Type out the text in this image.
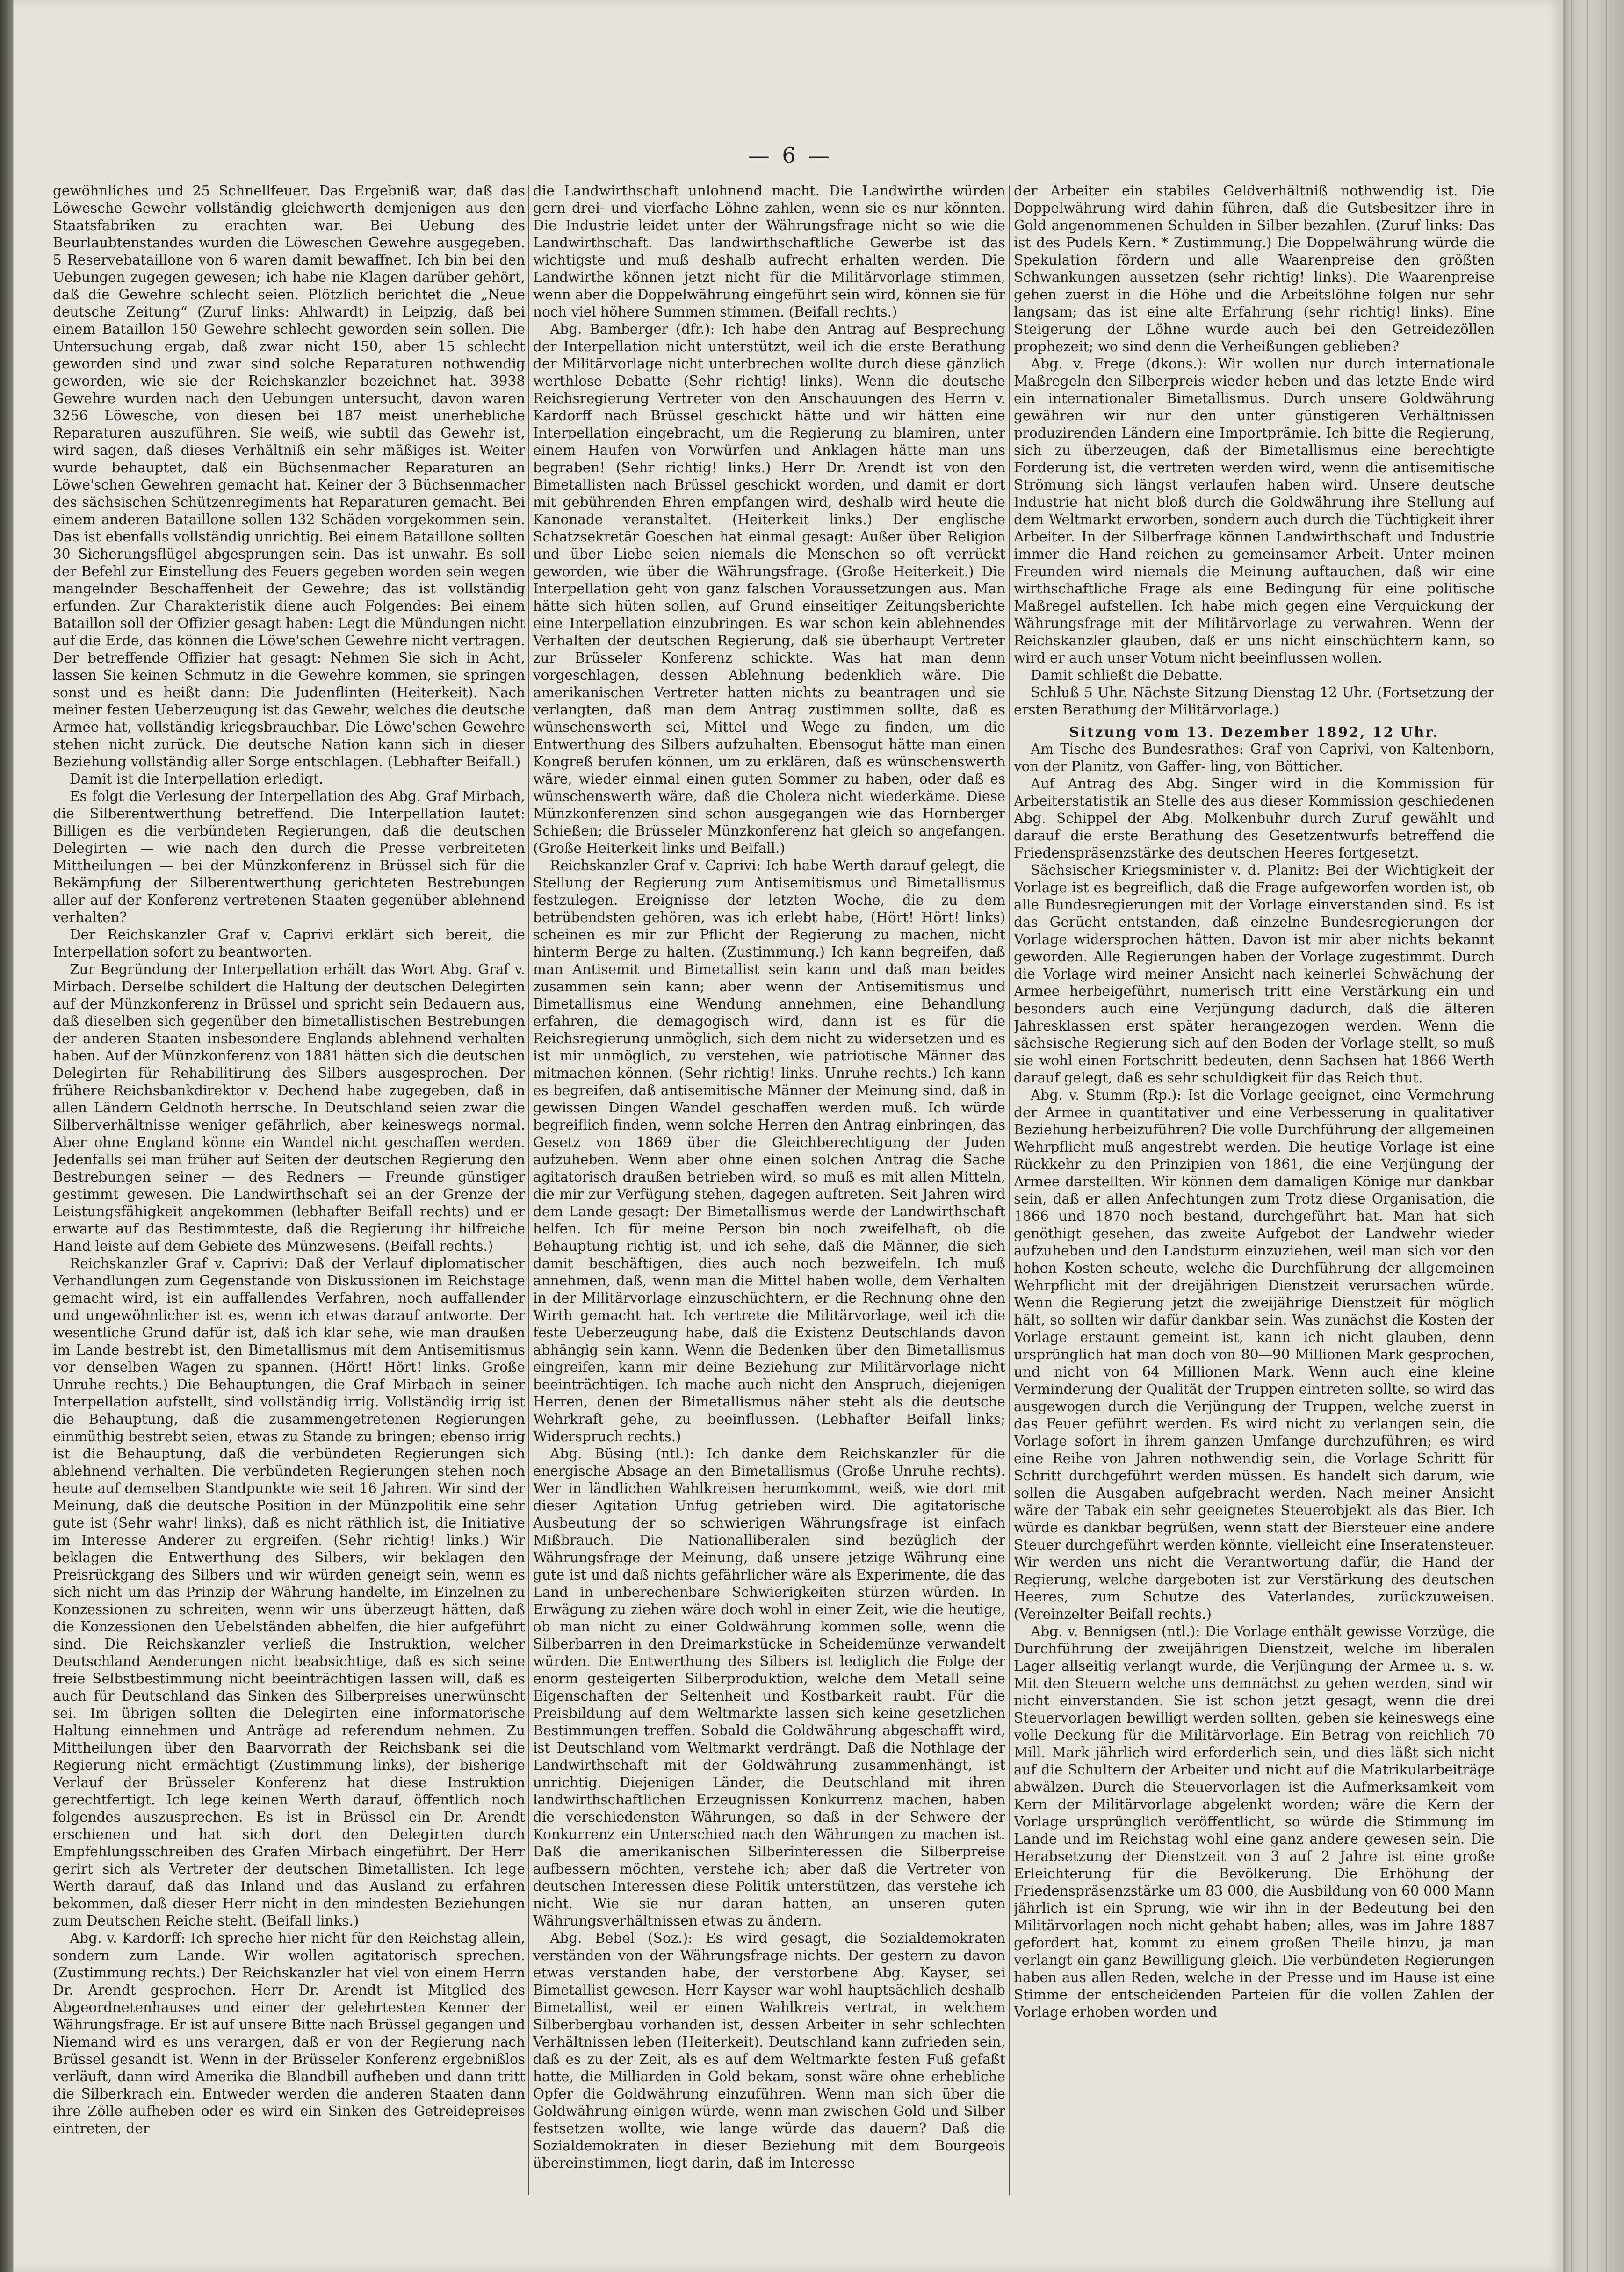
— 6 —

gewöhnliches und 25 Schnellfeuer. Das Ergebniß war, daß das Löwesche Gewehr vollständig gleichwerth demjenigen aus den Staatsfabriken zu erachten war. Bei Uebung des Beurlaubtenstandes wurden die Löweschen Gewehre ausgegeben. 5 Reservebataillone von 6 waren damit bewaffnet. Ich bin bei den Uebungen zugegen gewesen; ich habe nie Klagen darüber gehört, daß die Gewehre schlecht seien. Plötzlich berichtet die „Neue deutsche Zeitung“ (Zuruf links: Ahlwardt) in Leipzig, daß bei einem Bataillon 150 Gewehre schlecht geworden sein sollen. Die Untersuchung ergab, daß zwar nicht 150, aber 15 schlecht geworden sind und zwar sind solche Reparaturen nothwendig geworden, wie sie der Reichskanzler bezeichnet hat. 3938 Gewehre wurden nach den Uebungen untersucht, davon waren 3256 Löwesche, von diesen bei 187 meist unerhebliche Reparaturen auszuführen. Sie weiß, wie subtil das Gewehr ist, wird sagen, daß dieses Verhältniß ein sehr mäßiges ist. Weiter wurde behauptet, daß ein Büchsenmacher Reparaturen an Löwe'schen Gewehren gemacht hat. Keiner der 3 Büchsenmacher des sächsischen Schützenregiments hat Reparaturen gemacht. Bei einem anderen Bataillone sollen 132 Schäden vorgekommen sein. Das ist ebenfalls vollständig unrichtig. Bei einem Bataillone sollten 30 Sicherungsflügel abgesprungen sein. Das ist unwahr. Es soll der Befehl zur Einstellung des Feuers gegeben worden sein wegen mangelnder Beschaffenheit der Gewehre; das ist vollständig erfunden. Zur Charakteristik diene auch Folgendes: Bei einem Bataillon soll der Offizier gesagt haben: Legt die Mündungen nicht auf die Erde, das können die Löwe'schen Gewehre nicht vertragen. Der betreffende Offizier hat gesagt: Nehmen Sie sich in Acht, lassen Sie keinen Schmutz in die Gewehre kommen, sie springen sonst und es heißt dann: Die Judenflinten (Heiterkeit). Nach meiner festen Ueberzeugung ist das Gewehr, welches die deutsche Armee hat, vollständig kriegsbrauchbar. Die Löwe'schen Gewehre stehen nicht zurück. Die deutsche Nation kann sich in dieser Beziehung vollständig aller Sorge entschlagen. (Lebhafter Beifall.)

Damit ist die Interpellation erledigt.

Es folgt die Verlesung der Interpellation des Abg. Graf Mirbach, die Silberentwerthung betreffend. Die Interpellation lautet: Billigen es die verbündeten Regierungen, daß die deutschen Delegirten — wie nach den durch die Presse verbreiteten Mittheilungen — bei der Münzkonferenz in Brüssel sich für die Bekämpfung der Silberentwerthung gerichteten Bestrebungen aller auf der Konferenz vertretenen Staaten gegenüber ablehnend verhalten?

Der Reichskanzler Graf v. Caprivi erklärt sich bereit, die Interpellation sofort zu beantworten.

Zur Begründung der Interpellation erhält das Wort Abg. Graf v. Mirbach. Derselbe schildert die Haltung der deutschen Delegirten auf der Münzkonferenz in Brüssel und spricht sein Bedauern aus, daß dieselben sich gegenüber den bimetallistischen Bestrebungen der anderen Staaten insbesondere Englands ablehnend verhalten haben. Auf der Münzkonferenz von 1881 hätten sich die deutschen Delegirten für Rehabilitirung des Silbers ausgesprochen. Der frühere Reichsbankdirektor v. Dechend habe zugegeben, daß in allen Ländern Geldnoth herrsche. In Deutschland seien zwar die Silberverhältnisse weniger gefährlich, aber keineswegs normal. Aber ohne England könne ein Wandel nicht geschaffen werden. Jedenfalls sei man früher auf Seiten der deutschen Regierung den Bestrebungen seiner — des Redners — Freunde günstiger gestimmt gewesen. Die Landwirthschaft sei an der Grenze der Leistungsfähigkeit angekommen (lebhafter Beifall rechts) und er erwarte auf das Bestimmteste, daß die Regierung ihr hilfreiche Hand leiste auf dem Gebiete des Münzwesens. (Beifall rechts.)

Reichskanzler Graf v. Caprivi: Daß der Verlauf diplomatischer Verhandlungen zum Gegenstande von Diskussionen im Reichstage gemacht wird, ist ein auffallendes Verfahren, noch auffallender und ungewöhnlicher ist es, wenn ich etwas darauf antworte. Der wesentliche Grund dafür ist, daß ich klar sehe, wie man draußen im Lande bestrebt ist, den Bimetallismus mit dem Antisemitismus vor denselben Wagen zu spannen. (Hört! Hört! links. Große Unruhe rechts.) Die Behauptungen, die Graf Mirbach in seiner Interpellation aufstellt, sind vollständig irrig. Vollständig irrig ist die Behauptung, daß die zusammengetretenen Regierungen einmüthig bestrebt seien, etwas zu Stande zu bringen; ebenso irrig ist die Behauptung, daß die verbündeten Regierungen sich ablehnend verhalten. Die verbündeten Regierungen stehen noch heute auf demselben Standpunkte wie seit 16 Jahren. Wir sind der Meinung, daß die deutsche Position in der Münzpolitik eine sehr gute ist (Sehr wahr! links), daß es nicht räthlich ist, die Initiative im Interesse Anderer zu ergreifen. (Sehr richtig! links.) Wir beklagen die Entwerthung des Silbers, wir beklagen den Preisrückgang des Silbers und wir würden geneigt sein, wenn es sich nicht um das Prinzip der Währung handelte, im Einzelnen zu Konzessionen zu schreiten, wenn wir uns überzeugt hätten, daß die Konzessionen den Uebelständen abhelfen, die hier aufgeführt sind. Die Reichskanzler verließ die Instruktion, welcher Deutschland Aenderungen nicht beabsichtige, daß es sich seine freie Selbstbestimmung nicht beeinträchtigen lassen will, daß es auch für Deutschland das Sinken des Silberpreises unerwünscht sei. Im übrigen sollten die Delegirten eine informatorische Haltung einnehmen und Anträge ad referendum nehmen. Zu Mittheilungen über den Baarvorrath der Reichsbank sei die Regierung nicht ermächtigt (Zustimmung links), der bisherige Verlauf der Brüsseler Konferenz hat diese Instruktion gerechtfertigt. Ich lege keinen Werth darauf, öffentlich noch folgendes auszusprechen. Es ist in Brüssel ein Dr. Arendt erschienen und hat sich dort den Delegirten durch Empfehlungsschreiben des Grafen Mirbach eingeführt. Der Herr gerirt sich als Vertreter der deutschen Bimetallisten. Ich lege Werth darauf, daß das Inland und das Ausland zu erfahren bekommen, daß dieser Herr nicht in den mindesten Beziehungen zum Deutschen Reiche steht. (Beifall links.)

Abg. v. Kardorff: Ich spreche hier nicht für den Reichstag allein, sondern zum Lande. Wir wollen agitatorisch sprechen. (Zustimmung rechts.) Der Reichskanzler hat viel von einem Herrn Dr. Arendt gesprochen. Herr Dr. Arendt ist Mitglied des Abgeordnetenhauses und einer der gelehrtesten Kenner der Währungsfrage. Er ist auf unsere Bitte nach Brüssel gegangen und Niemand wird es uns verargen, daß er von der Regierung nach Brüssel gesandt ist. Wenn in der Brüsseler Konferenz ergebnißlos verläuft, dann wird Amerika die Blandbill aufheben und dann tritt die Silberkrach ein. Entweder werden die anderen Staaten dann ihre Zölle aufheben oder es wird ein Sinken des Getreidepreises eintreten, der

die Landwirthschaft unlohnend macht. Die Landwirthe würden gern drei- und vierfache Löhne zahlen, wenn sie es nur könnten. Die Industrie leidet unter der Währungsfrage nicht so wie die Landwirthschaft. Das landwirthschaftliche Gewerbe ist das wichtigste und muß deshalb aufrecht erhalten werden. Die Landwirthe können jetzt nicht für die Militärvorlage stimmen, wenn aber die Doppelwährung eingeführt sein wird, können sie für noch viel höhere Summen stimmen. (Beifall rechts.)

Abg. Bamberger (dfr.): Ich habe den Antrag auf Besprechung der Interpellation nicht unterstützt, weil ich die erste Berathung der Militärvorlage nicht unterbrechen wollte durch diese gänzlich werthlose Debatte (Sehr richtig! links). Wenn die deutsche Reichsregierung Vertreter von den Anschauungen des Herrn v. Kardorff nach Brüssel geschickt hätte und wir hätten eine Interpellation eingebracht, um die Regierung zu blamiren, unter einem Haufen von Vorwürfen und Anklagen hätte man uns begraben! (Sehr richtig! links.) Herr Dr. Arendt ist von den Bimetallisten nach Brüssel geschickt worden, und damit er dort mit gebührenden Ehren empfangen wird, deshalb wird heute die Kanonade veranstaltet. (Heiterkeit links.) Der englische Schatzsekretär Goeschen hat einmal gesagt: Außer über Religion und über Liebe seien niemals die Menschen so oft verrückt geworden, wie über die Währungsfrage. (Große Heiterkeit.) Die Interpellation geht von ganz falschen Voraussetzungen aus. Man hätte sich hüten sollen, auf Grund einseitiger Zeitungsberichte eine Interpellation einzubringen. Es war schon kein ablehnendes Verhalten der deutschen Regierung, daß sie überhaupt Vertreter zur Brüsseler Konferenz schickte. Was hat man denn vorgeschlagen, dessen Ablehnung bedenklich wäre. Die amerikanischen Vertreter hatten nichts zu beantragen und sie verlangten, daß man dem Antrag zustimmen sollte, daß es wünschenswerth sei, Mittel und Wege zu finden, um die Entwerthung des Silbers aufzuhalten. Ebensogut hätte man einen Kongreß berufen können, um zu erklären, daß es wünschenswerth wäre, wieder einmal einen guten Sommer zu haben, oder daß es wünschenswerth wäre, daß die Cholera nicht wiederkäme. Diese Münzkonferenzen sind schon ausgegangen wie das Hornberger Schießen; die Brüsseler Münzkonferenz hat gleich so angefangen. (Große Heiterkeit links und Beifall.)

Reichskanzler Graf v. Caprivi: Ich habe Werth darauf gelegt, die Stellung der Regierung zum Antisemitismus und Bimetallismus festzulegen. Ereignisse der letzten Woche, die zu dem betrübendsten gehören, was ich erlebt habe, (Hört! Hört! links) scheinen es mir zur Pflicht der Regierung zu machen, nicht hinterm Berge zu halten. (Zustimmung.) Ich kann begreifen, daß man Antisemit und Bimetallist sein kann und daß man beides zusammen sein kann; aber wenn der Antisemitismus und Bimetallismus eine Wendung annehmen, eine Behandlung erfahren, die demagogisch wird, dann ist es für die Reichsregierung unmöglich, sich dem nicht zu widersetzen und es ist mir unmöglich, zu verstehen, wie patriotische Männer das mitmachen können. (Sehr richtig! links. Unruhe rechts.) Ich kann es begreifen, daß antisemitische Männer der Meinung sind, daß in gewissen Dingen Wandel geschaffen werden muß. Ich würde begreiflich finden, wenn solche Herren den Antrag einbringen, das Gesetz von 1869 über die Gleichberechtigung der Juden aufzuheben. Wenn aber ohne einen solchen Antrag die Sache agitatorisch draußen betrieben wird, so muß es mit allen Mitteln, die mir zur Verfügung stehen, dagegen auftreten. Seit Jahren wird dem Lande gesagt: Der Bimetallismus werde der Landwirthschaft helfen. Ich für meine Person bin noch zweifelhaft, ob die Behauptung richtig ist, und ich sehe, daß die Männer, die sich damit beschäftigen, dies auch noch bezweifeln. Ich muß annehmen, daß, wenn man die Mittel haben wolle, dem Verhalten in der Militärvorlage einzuschüchtern, er die Rechnung ohne den Wirth gemacht hat. Ich vertrete die Militärvorlage, weil ich die feste Ueberzeugung habe, daß die Existenz Deutschlands davon abhängig sein kann. Wenn die Bedenken über den Bimetallismus eingreifen, kann mir deine Beziehung zur Militärvorlage nicht beeinträchtigen. Ich mache auch nicht den Anspruch, diejenigen Herren, denen der Bimetallismus näher steht als die deutsche Wehrkraft gehe, zu beeinflussen. (Lebhafter Beifall links; Widerspruch rechts.)

Abg. Büsing (ntl.): Ich danke dem Reichskanzler für die energische Absage an den Bimetallismus (Große Unruhe rechts). Wer in ländlichen Wahlkreisen herumkommt, weiß, wie dort mit dieser Agitation Unfug getrieben wird. Die agitatorische Ausbeutung der so schwierigen Währungsfrage ist einfach Mißbrauch. Die Nationalliberalen sind bezüglich der Währungsfrage der Meinung, daß unsere jetzige Währung eine gute ist und daß nichts gefährlicher wäre als Experimente, die das Land in unberechenbare Schwierigkeiten stürzen würden. In Erwägung zu ziehen wäre doch wohl in einer Zeit, wie die heutige, ob man nicht zu einer Goldwährung kommen solle, wenn die Silberbarren in den Dreimarkstücke in Scheidemünze verwandelt würden. Die Entwerthung des Silbers ist lediglich die Folge der enorm gesteigerten Silberproduktion, welche dem Metall seine Eigenschaften der Seltenheit und Kostbarkeit raubt. Für die Preisbildung auf dem Weltmarkte lassen sich keine gesetzlichen Bestimmungen treffen. Sobald die Goldwährung abgeschafft wird, ist Deutschland vom Weltmarkt verdrängt. Daß die Nothlage der Landwirthschaft mit der Goldwährung zusammenhängt, ist unrichtig. Diejenigen Länder, die Deutschland mit ihren landwirthschaftlichen Erzeugnissen Konkurrenz machen, haben die verschiedensten Währungen, so daß in der Schwere der Konkurrenz ein Unterschied nach den Währungen zu machen ist. Daß die amerikanischen Silberinteressen die Silberpreise aufbessern möchten, verstehe ich; aber daß die Vertreter von deutschen Interessen diese Politik unterstützen, das verstehe ich nicht. Wie sie nur daran hatten, an unseren guten Währungsverhältnissen etwas zu ändern.

Abg. Bebel (Soz.): Es wird gesagt, die Sozialdemokraten verständen von der Währungsfrage nichts. Der gestern zu davon etwas verstanden habe, der verstorbene Abg. Kayser, sei Bimetallist gewesen. Herr Kayser war wohl hauptsächlich deshalb Bimetallist, weil er einen Wahlkreis vertrat, in welchem Silberbergbau vorhanden ist, dessen Arbeiter in sehr schlechten Verhältnissen leben (Heiterkeit). Deutschland kann zufrieden sein, daß es zu der Zeit, als es auf dem Weltmarkte festen Fuß gefaßt hatte, die Milliarden in Gold bekam, sonst wäre ohne erhebliche Opfer die Goldwährung einzuführen. Wenn man sich über die Goldwährung einigen würde, wenn man zwischen Gold und Silber festsetzen wollte, wie lange würde das dauern? Daß die Sozialdemokraten in dieser Beziehung mit dem Bourgeois übereinstimmen, liegt darin, daß im Interesse

der Arbeiter ein stabiles Geldverhältniß nothwendig ist. Die Doppelwährung wird dahin führen, daß die Gutsbesitzer ihre in Gold angenommenen Schulden in Silber bezahlen. (Zuruf links: Das ist des Pudels Kern. * Zustimmung.) Die Doppelwährung würde die Spekulation fördern und alle Waarenpreise den größten Schwankungen aussetzen (sehr richtig! links). Die Waarenpreise gehen zuerst in die Höhe und die Arbeitslöhne folgen nur sehr langsam; das ist eine alte Erfahrung (sehr richtig! links). Eine Steigerung der Löhne wurde auch bei den Getreidezöllen prophezeit; wo sind denn die Verheißungen geblieben?

Abg. v. Frege (dkons.): Wir wollen nur durch internationale Maßregeln den Silberpreis wieder heben und das letzte Ende wird ein internationaler Bimetallismus. Durch unsere Goldwährung gewähren wir nur den unter günstigeren Verhältnissen produzirenden Ländern eine Importprämie. Ich bitte die Regierung, sich zu überzeugen, daß der Bimetallismus eine berechtigte Forderung ist, die vertreten werden wird, wenn die antisemitische Strömung sich längst verlaufen haben wird. Unsere deutsche Industrie hat nicht bloß durch die Goldwährung ihre Stellung auf dem Weltmarkt erworben, sondern auch durch die Tüchtigkeit ihrer Arbeiter. In der Silberfrage können Landwirthschaft und Industrie immer die Hand reichen zu gemeinsamer Arbeit. Unter meinen Freunden wird niemals die Meinung auftauchen, daß wir eine wirthschaftliche Frage als eine Bedingung für eine politische Maßregel aufstellen. Ich habe mich gegen eine Verquickung der Währungsfrage mit der Militärvorlage zu verwahren. Wenn der Reichskanzler glauben, daß er uns nicht einschüchtern kann, so wird er auch unser Votum nicht beeinflussen wollen.

Damit schließt die Debatte.

Schluß 5 Uhr. Nächste Sitzung Dienstag 12 Uhr. (Fortsetzung der ersten Berathung der Militärvorlage.)

Sitzung vom 13. Dezember 1892, 12 Uhr.

Am Tische des Bundesrathes: Graf von Caprivi, von Kaltenborn, von der Planitz, von Gaffer- ling, von Bötticher.

Auf Antrag des Abg. Singer wird in die Kommission für Arbeiterstatistik an Stelle des aus dieser Kommission geschiedenen Abg. Schippel der Abg. Molkenbuhr durch Zuruf gewählt und darauf die erste Berathung des Gesetzentwurfs betreffend die Friedenspräsenzstärke des deutschen Heeres fortgesetzt.

Sächsischer Kriegsminister v. d. Planitz: Bei der Wichtigkeit der Vorlage ist es begreiflich, daß die Frage aufgeworfen worden ist, ob alle Bundesregierungen mit der Vorlage einverstanden sind. Es ist das Gerücht entstanden, daß einzelne Bundesregierungen der Vorlage widersprochen hätten. Davon ist mir aber nichts bekannt geworden. Alle Regierungen haben der Vorlage zugestimmt. Durch die Vorlage wird meiner Ansicht nach keinerlei Schwächung der Armee herbeigeführt, numerisch tritt eine Verstärkung ein und besonders auch eine Verjüngung dadurch, daß die älteren Jahresklassen erst später herangezogen werden. Wenn die sächsische Regierung sich auf den Boden der Vorlage stellt, so muß sie wohl einen Fortschritt bedeuten, denn Sachsen hat 1866 Werth darauf gelegt, daß es sehr schuldigkeit für das Reich thut.

Abg. v. Stumm (Rp.): Ist die Vorlage geeignet, eine Vermehrung der Armee in quantitativer und eine Verbesserung in qualitativer Beziehung herbeizuführen? Die volle Durchführung der allgemeinen Wehrpflicht muß angestrebt werden. Die heutige Vorlage ist eine Rückkehr zu den Prinzipien von 1861, die eine Verjüngung der Armee darstellten. Wir können dem damaligen Könige nur dankbar sein, daß er allen Anfechtungen zum Trotz diese Organisation, die 1866 und 1870 noch bestand, durchgeführt hat. Man hat sich genöthigt gesehen, das zweite Aufgebot der Landwehr wieder aufzuheben und den Landsturm einzuziehen, weil man sich vor den hohen Kosten scheute, welche die Durchführung der allgemeinen Wehrpflicht mit der dreijährigen Dienstzeit verursachen würde. Wenn die Regierung jetzt die zweijährige Dienstzeit für möglich hält, so sollten wir dafür dankbar sein. Was zunächst die Kosten der Vorlage erstaunt gemeint ist, kann ich nicht glauben, denn ursprünglich hat man doch von 80—90 Millionen Mark gesprochen, und nicht von 64 Millionen Mark. Wenn auch eine kleine Verminderung der Qualität der Truppen eintreten sollte, so wird das ausgewogen durch die Verjüngung der Truppen, welche zuerst in das Feuer geführt werden. Es wird nicht zu verlangen sein, die Vorlage sofort in ihrem ganzen Umfange durchzuführen; es wird eine Reihe von Jahren nothwendig sein, die Vorlage Schritt für Schritt durchgeführt werden müssen. Es handelt sich darum, wie sollen die Ausgaben aufgebracht werden. Nach meiner Ansicht wäre der Tabak ein sehr geeignetes Steuerobjekt als das Bier. Ich würde es dankbar begrüßen, wenn statt der Biersteuer eine andere Steuer durchgeführt werden könnte, vielleicht eine Inseratensteuer. Wir werden uns nicht die Verantwortung dafür, die Hand der Regierung, welche dargeboten ist zur Verstärkung des deutschen Heeres, zum Schutze des Vaterlandes, zurückzuweisen. (Vereinzelter Beifall rechts.)

Abg. v. Bennigsen (ntl.): Die Vorlage enthält gewisse Vorzüge, die Durchführung der zweijährigen Dienstzeit, welche im liberalen Lager allseitig verlangt wurde, die Verjüngung der Armee u. s. w. Mit den Steuern welche uns demnächst zu gehen werden, sind wir nicht einverstanden. Sie ist schon jetzt gesagt, wenn die drei Steuervorlagen bewilligt werden sollten, geben sie keineswegs eine volle Deckung für die Militärvorlage. Ein Betrag von reichlich 70 Mill. Mark jährlich wird erforderlich sein, und dies läßt sich nicht auf die Schultern der Arbeiter und nicht auf die Matrikularbeiträge abwälzen. Durch die Steuervorlagen ist die Aufmerksamkeit vom Kern der Militärvorlage abgelenkt worden; wäre die Kern der Vorlage ursprünglich veröffentlicht, so würde die Stimmung im Lande und im Reichstag wohl eine ganz andere gewesen sein. Die Herabsetzung der Dienstzeit von 3 auf 2 Jahre ist eine große Erleichterung für die Bevölkerung. Die Erhöhung der Friedenspräsenzstärke um 83 000, die Ausbildung von 60 000 Mann jährlich ist ein Sprung, wie wir ihn in der Bedeutung bei den Militärvorlagen noch nicht gehabt haben; alles, was im Jahre 1887 gefordert hat, kommt zu einem großen Theile hinzu, ja man verlangt ein ganz Bewilligung gleich. Die verbündeten Regierungen haben aus allen Reden, welche in der Presse und im Hause ist eine Stimme der entscheidenden Parteien für die vollen Zahlen der Vorlage erhoben worden und
